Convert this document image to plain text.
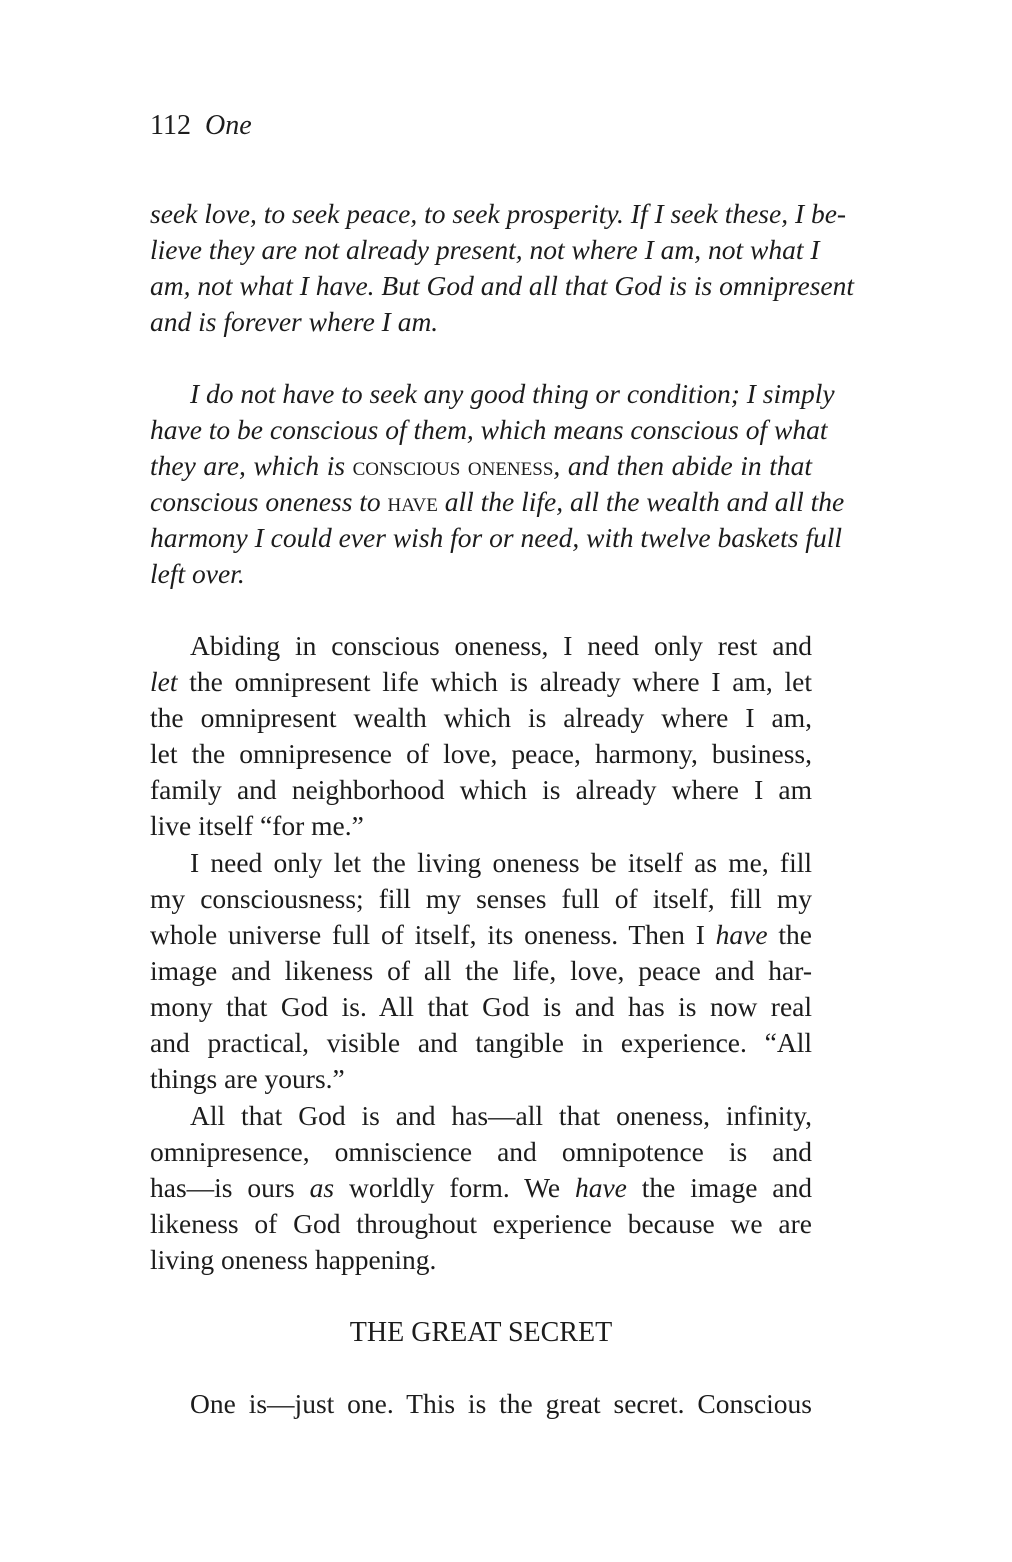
112 One
seek love, to seek peace, to seek prosperity. If I seek these, I be-
lieve they are not already present, not where I am, not what I
am, not what I have. But God and all that God is is omnipresent
and is forever where I am.
I do not have to seek any good thing or condition; I simply
have to be conscious of them, which means conscious of what
they are, which is conscious oneness, and then abide in that
conscious oneness to have all the life, all the wealth and all the
harmony I could ever wish for or need, with twelve baskets full
left over.
Abiding in conscious oneness, I need only rest and
let the omnipresent life which is already where I am, let
the omnipresent wealth which is already where I am,
let the omnipresence of love, peace, harmony, business,
family and neighborhood which is already where I am
live itself “for me.”
I need only let the living oneness be itself as me, fill
my consciousness; fill my senses full of itself, fill my
whole universe full of itself, its oneness. Then I have the
image and likeness of all the life, love, peace and har-
mony that God is. All that God is and has is now real
and practical, visible and tangible in experience. “All
things are yours.”
All that God is and has—all that oneness, infinity,
omnipresence, omniscience and omnipotence is and
has—is ours as worldly form. We have the image and
likeness of God throughout experience because we are
living oneness happening.
THE GREAT SECRET
One is—just one. This is the great secret. Conscious
